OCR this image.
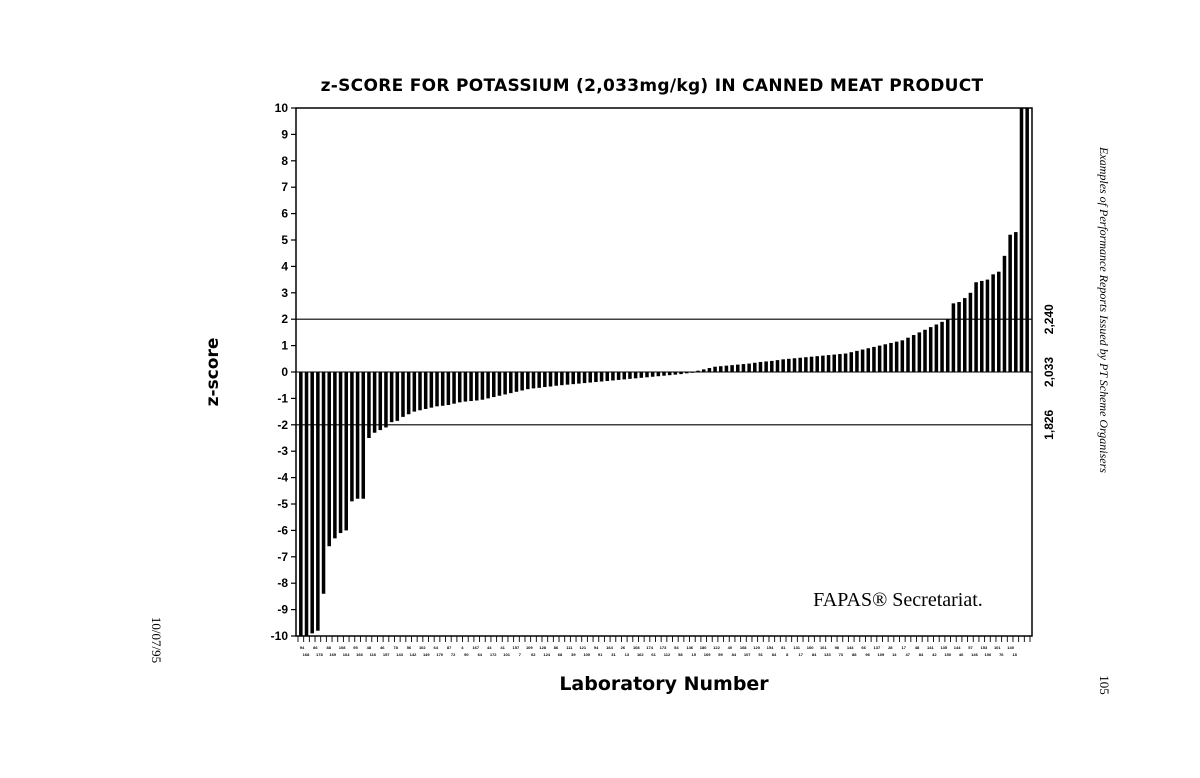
z-SCORE FOR POTASSIUM (2,033mg/kg) IN CANNED MEAT PRODUCT
10
9
8
7
6
5
4
3
2
1
0
-1
-2
-3
-4
-5
-6
-7
-8
-9
-10
94 86 88 108 95 48 46 78 56 102 64 87 4 167 44 41 157 109 128 86 111 121 94 164 26 108 174 173 54 146 180 122 40 168 120 154 81 131 160 161 98 144 66 137 28 17 48 141 135 144 57 153 101 140
168 178 169 164 166 116 157 143 142 149 170 72 90 64 172 101 7	62 124 68 39 100 91 31 13 162 61 112 58 15 169 59 84 107 51 84 8	17 84 133 73 88 96 109 14 47 84 42 150 46 146 106 76 18
2,240
2,033
1,826
z-score
Laboratory Number
FAPAS® Secretariat.
Examples of Performance Reports Issued by PT Scheme Organisers
10/07/95
105
